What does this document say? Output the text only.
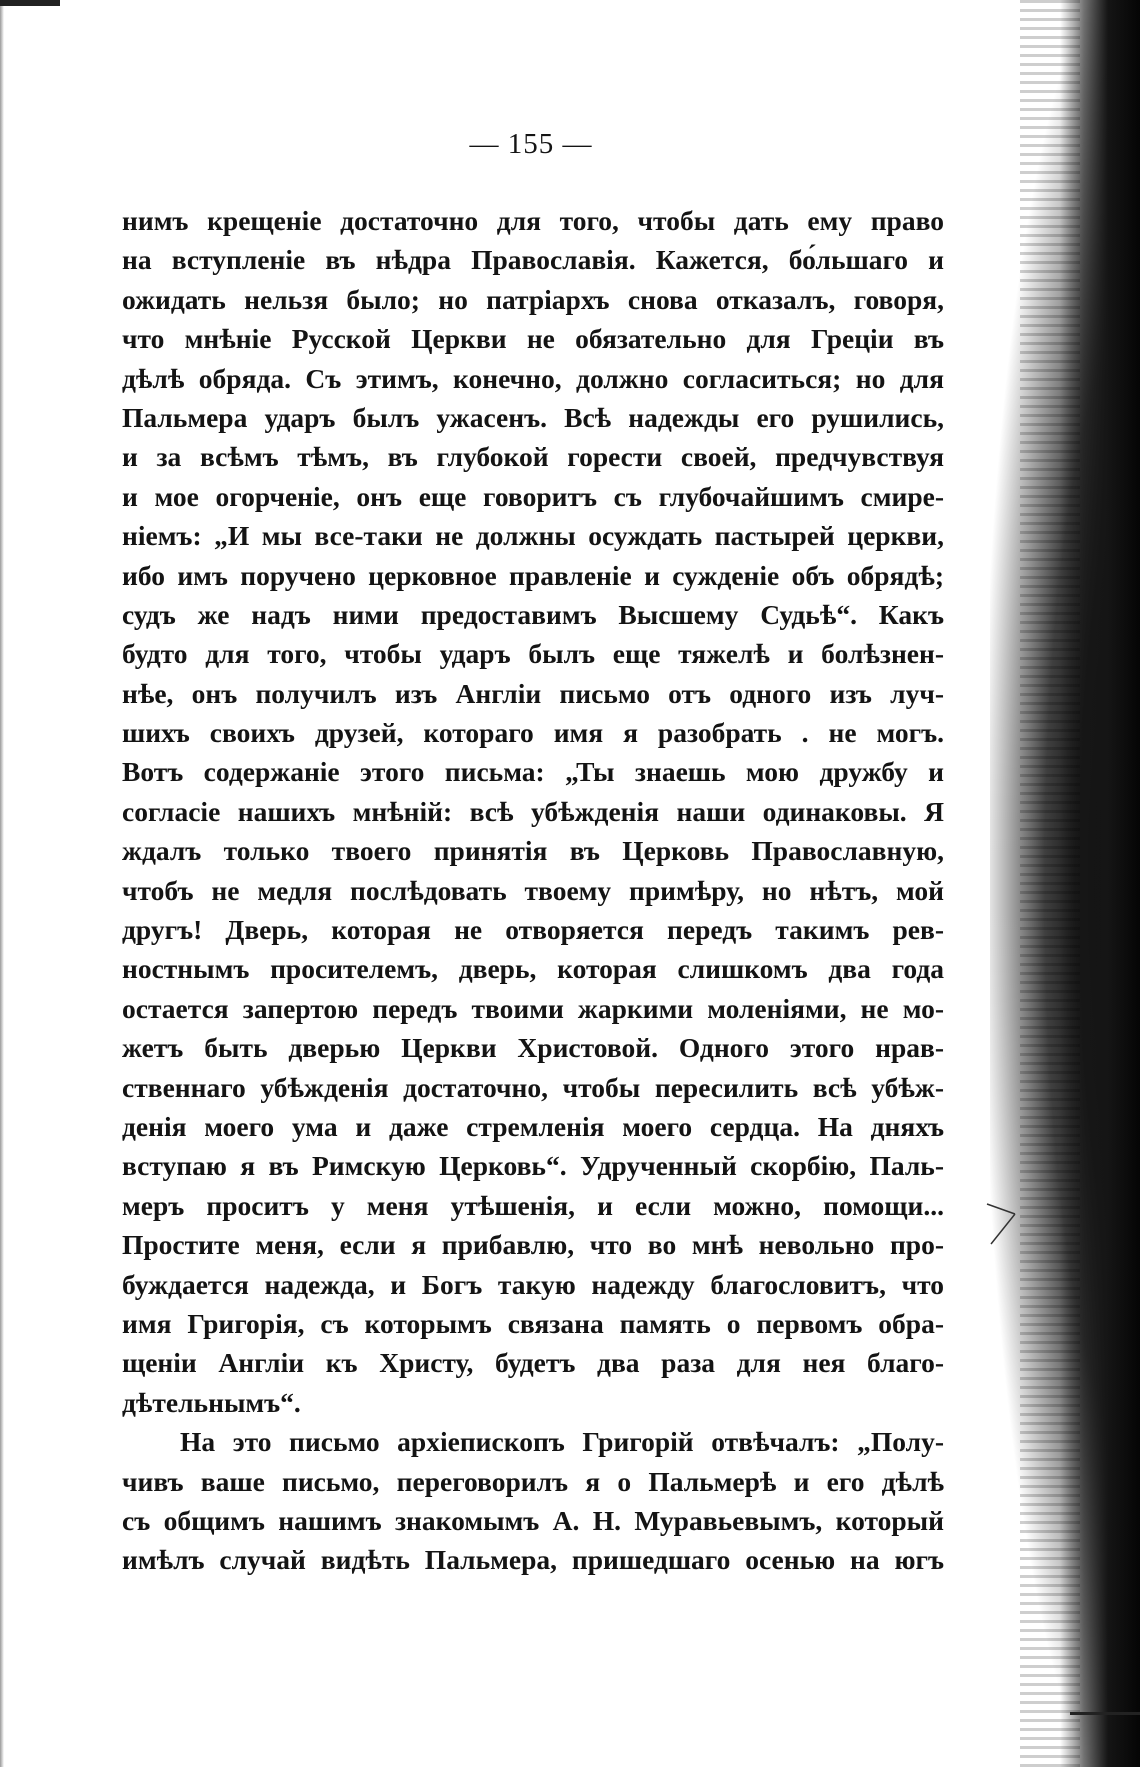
— 155 —
нимъ крещеніе достаточно для того, чтобы дать ему право
на вступленіе въ нѣдра Православія. Кажется, бо́льшаго и
ожидать нельзя было; но патріархъ снова отказалъ, говоря,
что мнѣніе Русской Церкви не обязательно для Греціи въ
дѣлѣ обряда. Съ этимъ, конечно, должно согласиться; но для
Пальмера ударъ былъ ужасенъ. Всѣ надежды его рушились,
и за всѣмъ тѣмъ, въ глубокой горести своей, предчувствуя
и мое огорченіе, онъ еще говоритъ съ глубочайшимъ смире-
ніемъ: „И мы все-таки не должны осуждать пастырей церкви,
ибо имъ поручено церковное правленіе и сужденіе объ обрядѣ;
судъ же надъ ними предоставимъ Высшему Судьѣ“. Какъ
будто для того, чтобы ударъ былъ еще тяжелѣ и болѣзнен-
нѣе, онъ получилъ изъ Англіи письмо отъ одного изъ луч-
шихъ своихъ друзей, котораго имя я разобрать . не могъ.
Вотъ содержаніе этого письма: „Ты знаешь мою дружбу и
согласіе нашихъ мнѣній: всѣ убѣжденія наши одинаковы. Я
ждалъ только твоего принятія въ Церковь Православную,
чтобъ не медля послѣдовать твоему примѣру, но нѣтъ, мой
другъ! Дверь, которая не отворяется передъ такимъ рев-
ностнымъ просителемъ, дверь, которая слишкомъ два года
остается запертою передъ твоими жаркими моленіями, не мо-
жетъ быть дверью Церкви Христовой. Одного этого нрав-
ственнаго убѣжденія достаточно, чтобы пересилить всѣ убѣж-
денія моего ума и даже стремленія моего сердца. На дняхъ
вступаю я въ Римскую Церковь“. Удрученный скорбію, Паль-
меръ проситъ у меня утѣшенія, и если можно, помощи...
Простите меня, если я прибавлю, что во мнѣ невольно про-
буждается надежда, и Богъ такую надежду благословитъ, что
имя Григорія, съ которымъ связана память о первомъ обра-
щеніи Англіи къ Христу, будетъ два раза для нея благо-
дѣтельнымъ“.
На это письмо архіепископъ Григорій отвѣчалъ: „Полу-
чивъ ваше письмо, переговорилъ я о Пальмерѣ и его дѣлѣ
съ общимъ нашимъ знакомымъ А. Н. Муравьевымъ, который
имѣлъ случай видѣть Пальмера, пришедшаго осенью на югъ
